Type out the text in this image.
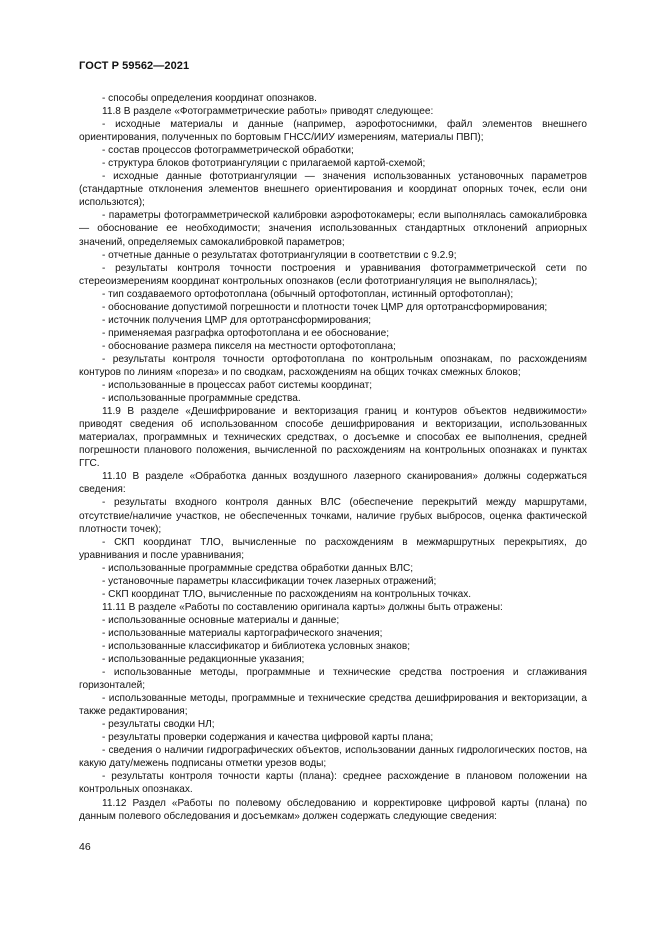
ГОСТ Р 59562—2021

- способы определения координат опознаков.

11.8 В разделе «Фотограмметрические работы» приводят следующее:

- исходные материалы и данные (например, аэрофотоснимки, файл элементов внешнего ориентирования, полученных по бортовым ГНСС/ИИУ измерениям, материалы ПВП);

- состав процессов фотограмметрической обработки;

- структура блоков фототриангуляции с прилагаемой картой-схемой;

- исходные данные фототриангуляции — значения использованных установочных параметров (стандартные отклонения элементов внешнего ориентирования и координат опорных точек, если они использются);

- параметры фотограмметрической калибровки аэрофотокамеры; если выполнялась самокалибровка — обоснование ее необходимости; значения использованных стандартных отклонений априорных значений, определяемых самокалибровкой параметров;

- отчетные данные о результатах фототриангуляции в соответствии с 9.2.9;

- результаты контроля точности построения и уравнивания фотограмметрической сети по стереоизмерениям координат контрольных опознаков (если фототриангуляция не выполнялась);

- тип создаваемого ортофотоплана (обычный ортофотоплан, истинный ортофотоплан);

- обоснование допустимой погрешности и плотности точек ЦМР для ортотрансформирования;

- источник получения ЦМР для ортотрансформирования;

- применяемая разграфка ортофотоплана и ее обоснование;

- обоснование размера пикселя на местности ортофотоплана;

- результаты контроля точности ортофотоплана по контрольным опознакам, по расхождениям контуров по линиям «пореза» и по сводкам, расхождениям на общих точках смежных блоков;

- использованные в процессах работ системы координат;

- использованные программные средства.

11.9 В разделе «Дешифрирование и векторизация границ и контуров объектов недвижимости» приводят сведения об использованном способе дешифрирования и векторизации, использованных материалах, программных и технических средствах, о досъемке и способах ее выполнения, средней погрешности планового положения, вычисленной по расхождениям на контрольных опознаках и пунктах ГГС.

11.10 В разделе «Обработка данных воздушного лазерного сканирования» должны содержаться сведения:

- результаты входного контроля данных ВЛС (обеспечение перекрытий между маршрутами, отсутствие/наличие участков, не обеспеченных точками, наличие грубых выбросов, оценка фактической плотности точек);

- СКП координат ТЛО, вычисленные по расхождениям в межмаршрутных перекрытиях, до уравнивания и после уравнивания;

- использованные программные средства обработки данных ВЛС;

- установочные параметры классификации точек лазерных отражений;

- СКП координат ТЛО, вычисленные по расхождениям на контрольных точках.

11.11 В разделе «Работы по составлению оригинала карты» должны быть отражены:

- использованные основные материалы и данные;

- использованные материалы картографического значения;

- использованные классификатор и библиотека условных знаков;

- использованные редакционные указания;

- использованные методы, программные и технические средства построения и сглаживания горизонталей;

- использованные методы, программные и технические средства дешифрирования и векторизации, а также редактирования;

- результаты сводки НЛ;

- результаты проверки содержания и качества цифровой карты плана;

- сведения о наличии гидрографических объектов, использовании данных гидрологических постов, на какую дату/межень подписаны отметки урезов воды;

- результаты контроля точности карты (плана): среднее расхождение в плановом положении на контрольных опознаках.

11.12 Раздел «Работы по полевому обследованию и корректировке цифровой карты (плана) по данным полевого обследования и досъемкам» должен содержать следующие сведения:

46
